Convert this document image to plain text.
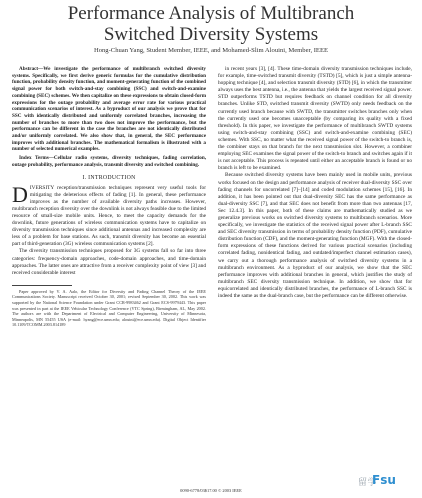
Performance Analysis of Multibranch
Switched Diversity Systems
Hong-Chuan Yang, Student Member, IEEE, and Mohamed-Slim Alouini, Member, IEEE

Abstract—We investigate the performance of multibranch switched diversity systems. Specifically, we first derive generic formulas for the cumulative distribution function, probability density function, and moment-generating function of the combined signal power for both switch-and-stay combining (SSC) and switch-and-examine combining (SEC) schemes. We then capitalize on these expressions to obtain closed-form expressions for the outage probability and average error rate for various practical communication scenarios of interest. As a byproduct of our analysis we prove that for SSC with identically distributed and uniformly correlated branches, increasing the number of branches to more than two does not improve the performance, but the performance can be different in the case the branches are not identically distributed and/or uniformly correlated. We also show that, in general, the SEC performance improves with additional branches. The mathematical formalism is illustrated with a number of selected numerical examples.

Index Terms—Cellular radio systems, diversity techniques, fading correlation, outage probability, performance analysis, transmit diversity and switched combining.

I. INTRODUCTION

DIVERSITY reception/transmission techniques represent very useful tools for mitigating the deleterious effects of fading [1]. In general, these performance improves as the number of available diversity paths increases. However, multibranch reception diversity over the downlink is not always feasible due to the limited resource of small-size mobile units. Hence, to meet the capacity demands for the downlink, future generations of wireless communication systems have to capitalize on diversity transmission techniques since additional antennas and increased complexity are less of a problem for base stations. As such, transmit diversity has become an essential part of third-generation (3G) wireless communication systems [2].

The diversity transmission techniques proposed for 3G systems fall so far into three categories: frequency-domain approaches, code-domain approaches, and time-domain approaches. The latter ones are attractive from a receiver complexity point of view [3] and received considerable interest

Paper approved by V. A. Aalo, the Editor for Diversity and Fading Channel Theory of the IEEE Communications Society. Manuscript received October 30, 2001; revised September 30, 2002. This work was supported by the National Science Foundation under Grant CCR-9983462 and Grant ECS-9979443. This paper was presented in part at the IEEE Vehicular Technology Conference (VTC Spring), Birmingham, AL, May 2002. The authors are with the Department of Electrical and Computer Engineering, University of Minnesota, Minneapolis, MN 55455 USA (e-mail: hyang@ece.umn.edu; alouini@ece.umn.edu). Digital Object Identifier 10.1109/TCOMM.2003.814189

in recent years [3], [4]. These time-domain diversity transmission techniques include, for example, time-switched transmit diversity (TSTD) [5], which is just a simple antenna-hopping technique [4], and selection transmit diversity (STD) [6], in which the transmitter always uses the best antenna, i.e., the antenna that yields the largest received signal power. STD outperforms TSTD but requires feedback on channel condition for all diversity branches. Unlike STD, switched transmit diversity (SWTD) only needs feedback on the currently used branch because with SWTD, the transmitter switches branches only when the currently used one becomes unacceptable (by comparing its quality with a fixed threshold). In this paper, we investigate the performance of multibranch SWTD systems using switch-and-stay combining (SSC) and switch-and-examine combining (SEC) schemes. With SSC, no matter what the received signal power of the switch-to branch is, the combiner stays on that branch for the next transmission slot. However, a combiner employing SEC examines the signal power of the switch-to branch and switches again if it is not acceptable. This process is repeated until either an acceptable branch is found or no branch is left to be examined.

Because switched diversity systems have been mainly used in mobile units, previous works focused on the design and performance analysis of receiver dual-diversity SSC over fading channels for uncorrelated [7]–[14] and coded modulation schemes [15], [16]. In addition, it has been pointed out that dual-diversity SEC has the same performance as dual-diversity SSC [7], and that SEC does not benefit from more than two antennas [17, Sec 12.4.3]. In this paper, both of these claims are mathematically studied as we generalize previous works on switched diversity systems to multibranch scenarios. More specifically, we investigate the statistics of the received signal power after L-branch SSC and SEC diversity transmission in terms of probability density function (PDF), cumulative distribution function (CDF), and the moment-generating function (MGF). With the closed-form expressions of these functions derived for various practical scenarios (including correlated fading, nonidentical fading, and outdated/imperfect channel estimation cases), we carry out a thorough performance analysis of switched diversity systems in a multibranch environment. As a byproduct of our analysis, we show that the SEC performance improves with additional branches in general, which justifies the study of multibranch SEC diversity transmission technique. In addition, we show that for equicorrelated and identically distributed branches, the performance of L-branch SSC is indeed the same as the dual-branch case, but the performance can be different otherwise.

0090-6778/03$17.00 © 2003 IEEE
留学
Fsu
